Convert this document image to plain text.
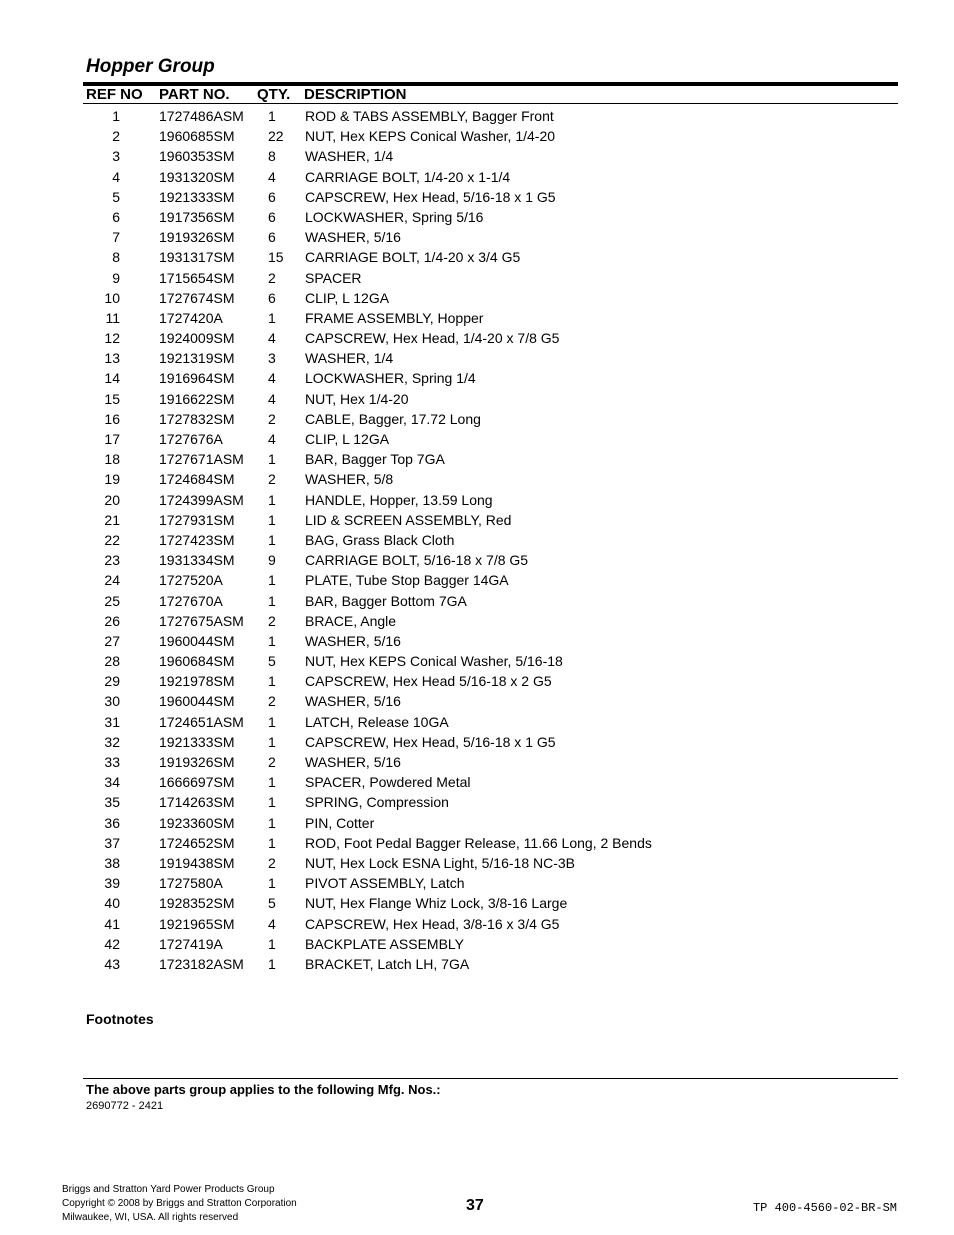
Hopper Group
REF NO PART NO. QTY. DESCRIPTION
1	1727486ASM 1 ROD & TABS ASSEMBLY, Bagger Front
2	1960685SM 22 NUT, Hex KEPS Conical Washer, 1/4-20
3	1960353SM 8 WASHER, 1/4
4	1931320SM 4 CARRIAGE BOLT, 1/4-20 x 1-1/4
5	1921333SM 6 CAPSCREW, Hex Head, 5/16-18 x 1 G5
6	1917356SM 6 LOCKWASHER, Spring 5/16
7	1919326SM 6 WASHER, 5/16
8	1931317SM 15 CARRIAGE BOLT, 1/4-20 x 3/4 G5
9	1715654SM 2 SPACER
10	1727674SM 6 CLIP, L 12GA
11	1727420A	1 FRAME ASSEMBLY, Hopper
12	1924009SM 4 CAPSCREW, Hex Head, 1/4-20 x 7/8 G5
13	1921319SM 3 WASHER, 1/4
14	1916964SM 4 LOCKWASHER, Spring 1/4
15	1916622SM 4 NUT, Hex 1/4-20
16	1727832SM 2 CABLE, Bagger, 17.72 Long
17	1727676A	4 CLIP, L 12GA
18	1727671ASM 1 BAR, Bagger Top 7GA
19	1724684SM 2 WASHER, 5/8
20	1724399ASM 1 HANDLE, Hopper, 13.59 Long
21	1727931SM 1 LID & SCREEN ASSEMBLY, Red
22	1727423SM 1 BAG, Grass Black Cloth
23	1931334SM 9 CARRIAGE BOLT, 5/16-18 x 7/8 G5
24	1727520A	1 PLATE, Tube Stop Bagger 14GA
25	1727670A	1 BAR, Bagger Bottom 7GA
26	1727675ASM 2 BRACE, Angle
27	1960044SM 1 WASHER, 5/16
28	1960684SM 5 NUT, Hex KEPS Conical Washer, 5/16-18
29	1921978SM 1 CAPSCREW, Hex Head 5/16-18 x 2 G5
30	1960044SM 2 WASHER, 5/16
31	1724651ASM 1 LATCH, Release 10GA
32	1921333SM 1 CAPSCREW, Hex Head, 5/16-18 x 1 G5
33	1919326SM 2 WASHER, 5/16
34	1666697SM 1 SPACER, Powdered Metal
35	1714263SM 1 SPRING, Compression
36	1923360SM 1 PIN, Cotter
37	1724652SM 1 ROD, Foot Pedal Bagger Release, 11.66 Long, 2 Bends
38	1919438SM 2 NUT, Hex Lock ESNA Light, 5/16-18 NC-3B
39	1727580A	1 PIVOT ASSEMBLY, Latch
40	1928352SM 5 NUT, Hex Flange Whiz Lock, 3/8-16 Large
41	1921965SM 4 CAPSCREW, Hex Head, 3/8-16 x 3/4 G5
42	1727419A	1 BACKPLATE ASSEMBLY
43	1723182ASM 1 BRACKET, Latch LH, 7GA
Footnotes
The above parts group applies to the following Mfg. Nos.:
2690772 - 2421
Briggs and Stratton Yard Power Products Group
Copyright © 2008 by Briggs and Stratton Corporation
Milwaukee, WI, USA. All rights reserved
37	TP 400-4560-02-BR-SM
